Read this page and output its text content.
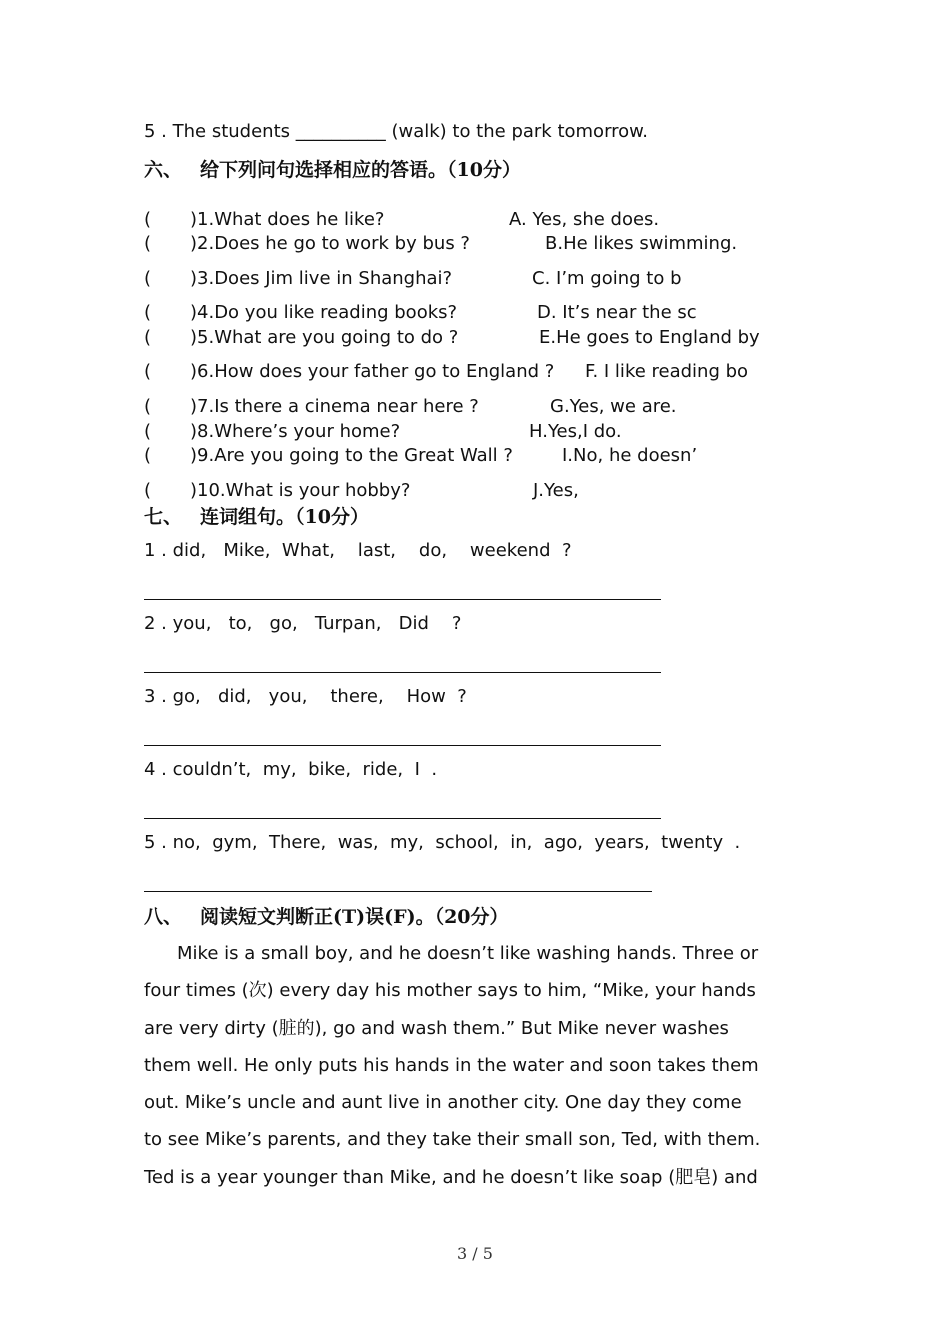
5 . The students __________ (walk) to the park tomorrow.
六、 给下列问句选择相应的答语。（10分）
( )1.What does he like?	A. Yes, she does.
( )2.Does he go to work by bus ?	B.He likes swimming.
( )3.Does Jim live in Shanghai?	C. I’m going to b
( )4.Do you like reading books?	D. It’s near the sc
( )5.What are you going to do ?	E.He goes to England by
( )6.How does your father go to England ? F. I like reading bo
( )7.Is there a cinema near here ?	G.Yes, we are.
( )8.Where’s your home?	H.Yes,I do.
( )9.Are you going to the Great Wall ?	I.No, he doesn’
( )10.What is your hobby?	J.Yes,
七、 连词组句。（10分）
1 . did,   Mike,  What,    last,    do,    weekend  ?
2 . you,   to,   go,   Turpan,   Did    ?
3 . go,   did,   you,    there,    How  ?
4 . couldn’t,  my,  bike,  ride,  I  .
5 . no,  gym,  There,  was,  my,  school,  in,  ago,  years,  twenty  .
八、 阅读短文判断正(T)误(F)。（20分）
Mike is a small boy, and he doesn’t like washing hands. Three or
four times (次) every day his mother says to him, “Mike, your hands
are very dirty (脏的), go and wash them.” But Mike never washes
them well. He only puts his hands in the water and soon takes them
out. Mike’s uncle and aunt live in another city. One day they come
to see Mike’s parents, and they take their small son, Ted, with them.
Ted is a year younger than Mike, and he doesn’t like soap (肥皂) and
3 / 5
